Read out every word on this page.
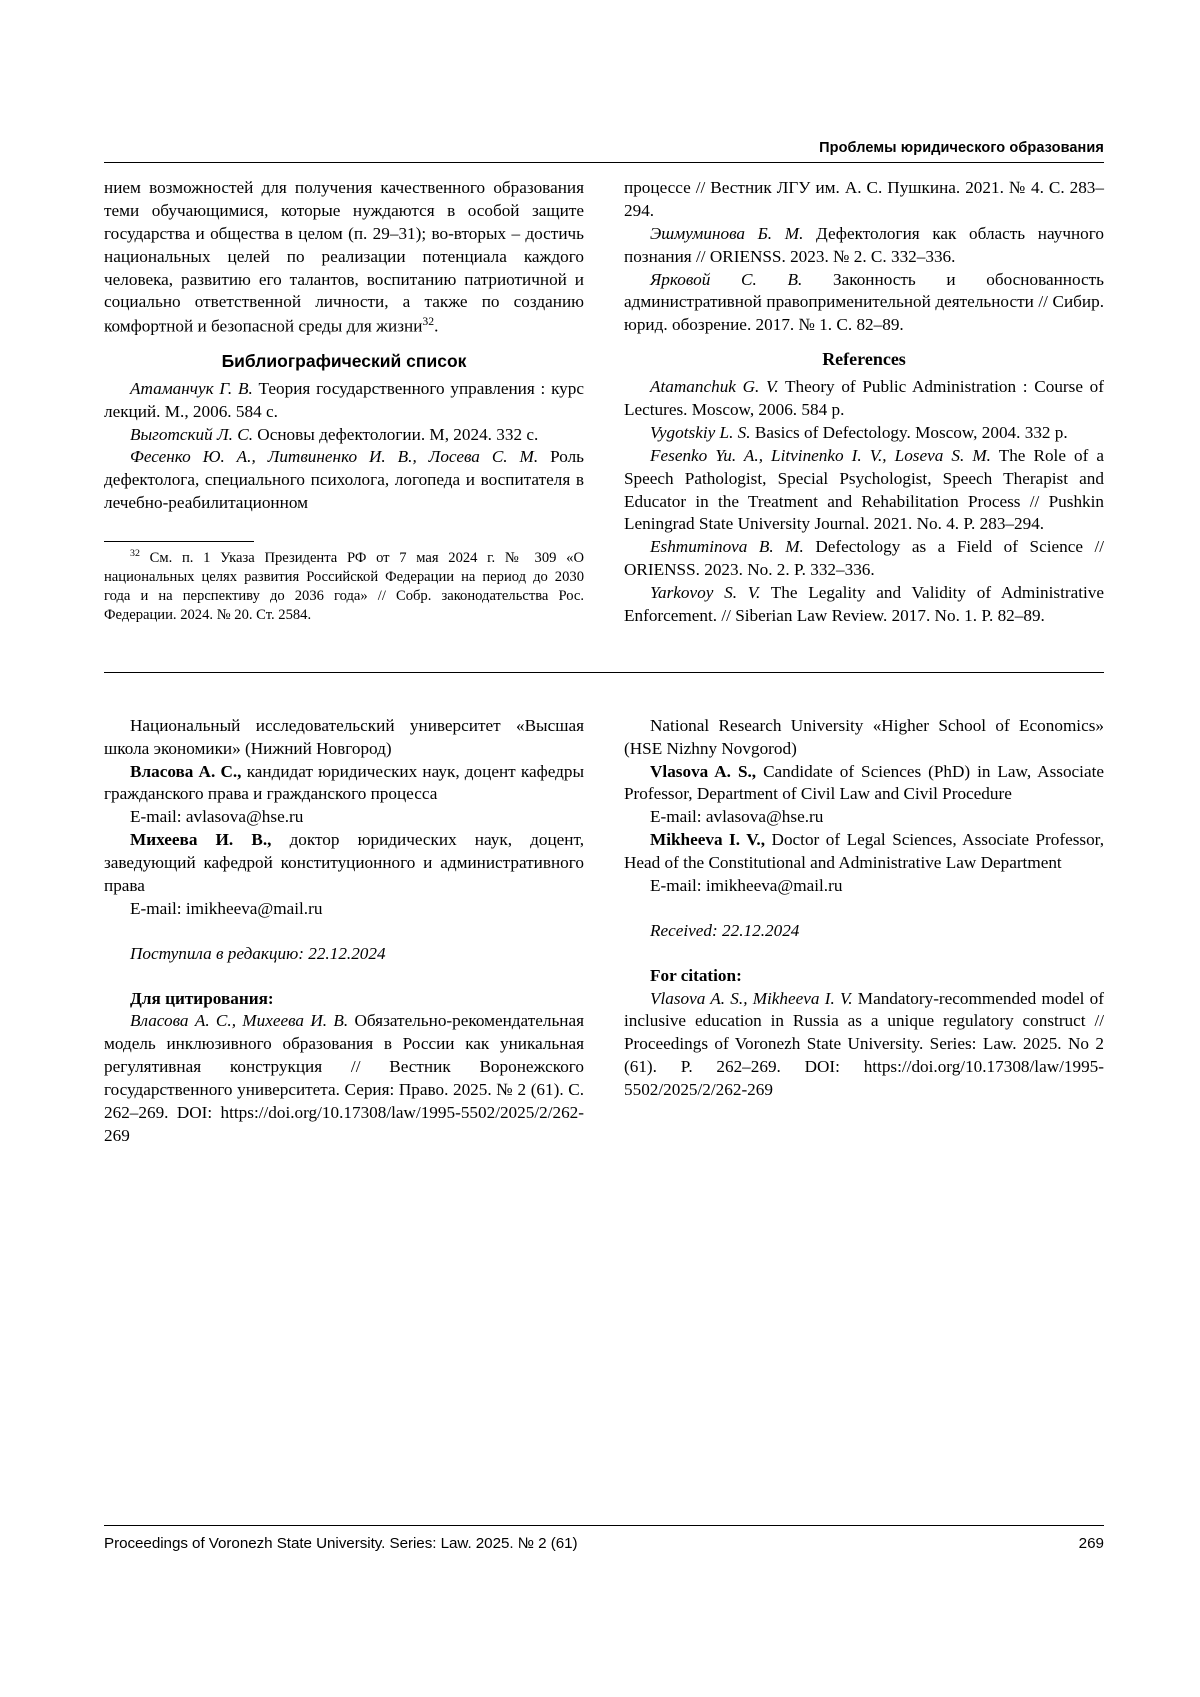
Проблемы юридического образования

нием возможностей для получения качественного образования теми обучающимися, которые нуждаются в особой защите государства и общества в целом (п. 29–31); во-вторых – достичь национальных целей по реализации потенциала каждого человека, развитию его талантов, воспитанию патриотичной и социально ответственной личности, а также по созданию комфортной и безопасной среды для жизни$^{32}$.

Библиографический список

Атаманчук Г. В. Теория государственного управления : курс лекций. М., 2006. 584 с.

Выготский Л. С. Основы дефектологии. М, 2024. 332 с.

Фесенко Ю. А., Литвиненко И. В., Лосева С. М. Роль дефектолога, специального психолога, логопеда и воспитателя в лечебно-реабилитационном

$^{32}$ См. п. 1 Указа Президента РФ от 7 мая 2024 г. № 309 «О национальных целях развития Российской Федерации на период до 2030 года и на перспективу до 2036 года» // Собр. законодательства Рос. Федерации. 2024. № 20. Ст. 2584.

процессе // Вестник ЛГУ им. А. С. Пушкина. 2021. № 4. С. 283–294.

Эшмуминова Б. М. Дефектология как область научного познания // ORIENSS. 2023. № 2. С. 332–336.

Ярковой С. В. Законность и обоснованность административной правоприменительной деятельности // Сибир. юрид. обозрение. 2017. № 1. С. 82–89.

References

Atamanchuk G. V. Theory of Public Administration : Course of Lectures. Moscow, 2006. 584 p.

Vygotskiy L. S. Basics of Defectology. Moscow, 2004. 332 p.

Fesenko Yu. A., Litvinenko I. V., Loseva S. M. The Role of a Speech Pathologist, Special Psychologist, Speech Therapist and Educator in the Treatment and Rehabilitation Process // Pushkin Leningrad State University Journal. 2021. No. 4. P. 283–294.

Eshmuminova B. M. Defectology as a Field of Science // ORIENSS. 2023. No. 2. P. 332–336.

Yarkovoy S. V. The Legality and Validity of Administrative Enforcement. // Siberian Law Review. 2017. No. 1. P. 82–89.

Национальный исследовательский университет «Высшая школа экономики» (Нижний Новгород)

Власова А. С., кандидат юридических наук, доцент кафедры гражданского права и гражданского процесса

E-mail: avlasova@hse.ru

Михеева И. В., доктор юридических наук, доцент, заведующий кафедрой конституционного и административного права

E-mail: imikheeva@mail.ru

Поступила в редакцию: 22.12.2024

Для цитирования:

Власова А. С., Михеева И. В. Обязательно-рекомендательная модель инклюзивного образования в России как уникальная регулятивная конструкция // Вестник Воронежского государственного университета. Серия: Право. 2025. № 2 (61). С. 262–269. DOI: https://doi.org/10.17308/law/1995-5502/2025/2/262-269

National Research University «Higher School of Economics» (HSE Nizhny Novgorod)

Vlasova A. S., Candidate of Sciences (PhD) in Law, Associate Professor, Department of Civil Law and Civil Procedure

E-mail: avlasova@hse.ru

Mikheeva I. V., Doctor of Legal Sciences, Associate Professor, Head of the Constitutional and Administrative Law Department

E-mail: imikheeva@mail.ru

Received: 22.12.2024

For citation:

Vlasova A. S., Mikheeva I. V. Mandatory-recommended model of inclusive education in Russia as a unique regulatory construct // Proceedings of Voronezh State University. Series: Law. 2025. No 2 (61). P. 262–269. DOI: https://doi.org/10.17308/law/1995-5502/2025/2/262-269

Proceedings of Voronezh State University. Series: Law. 2025. № 2 (61)	269
